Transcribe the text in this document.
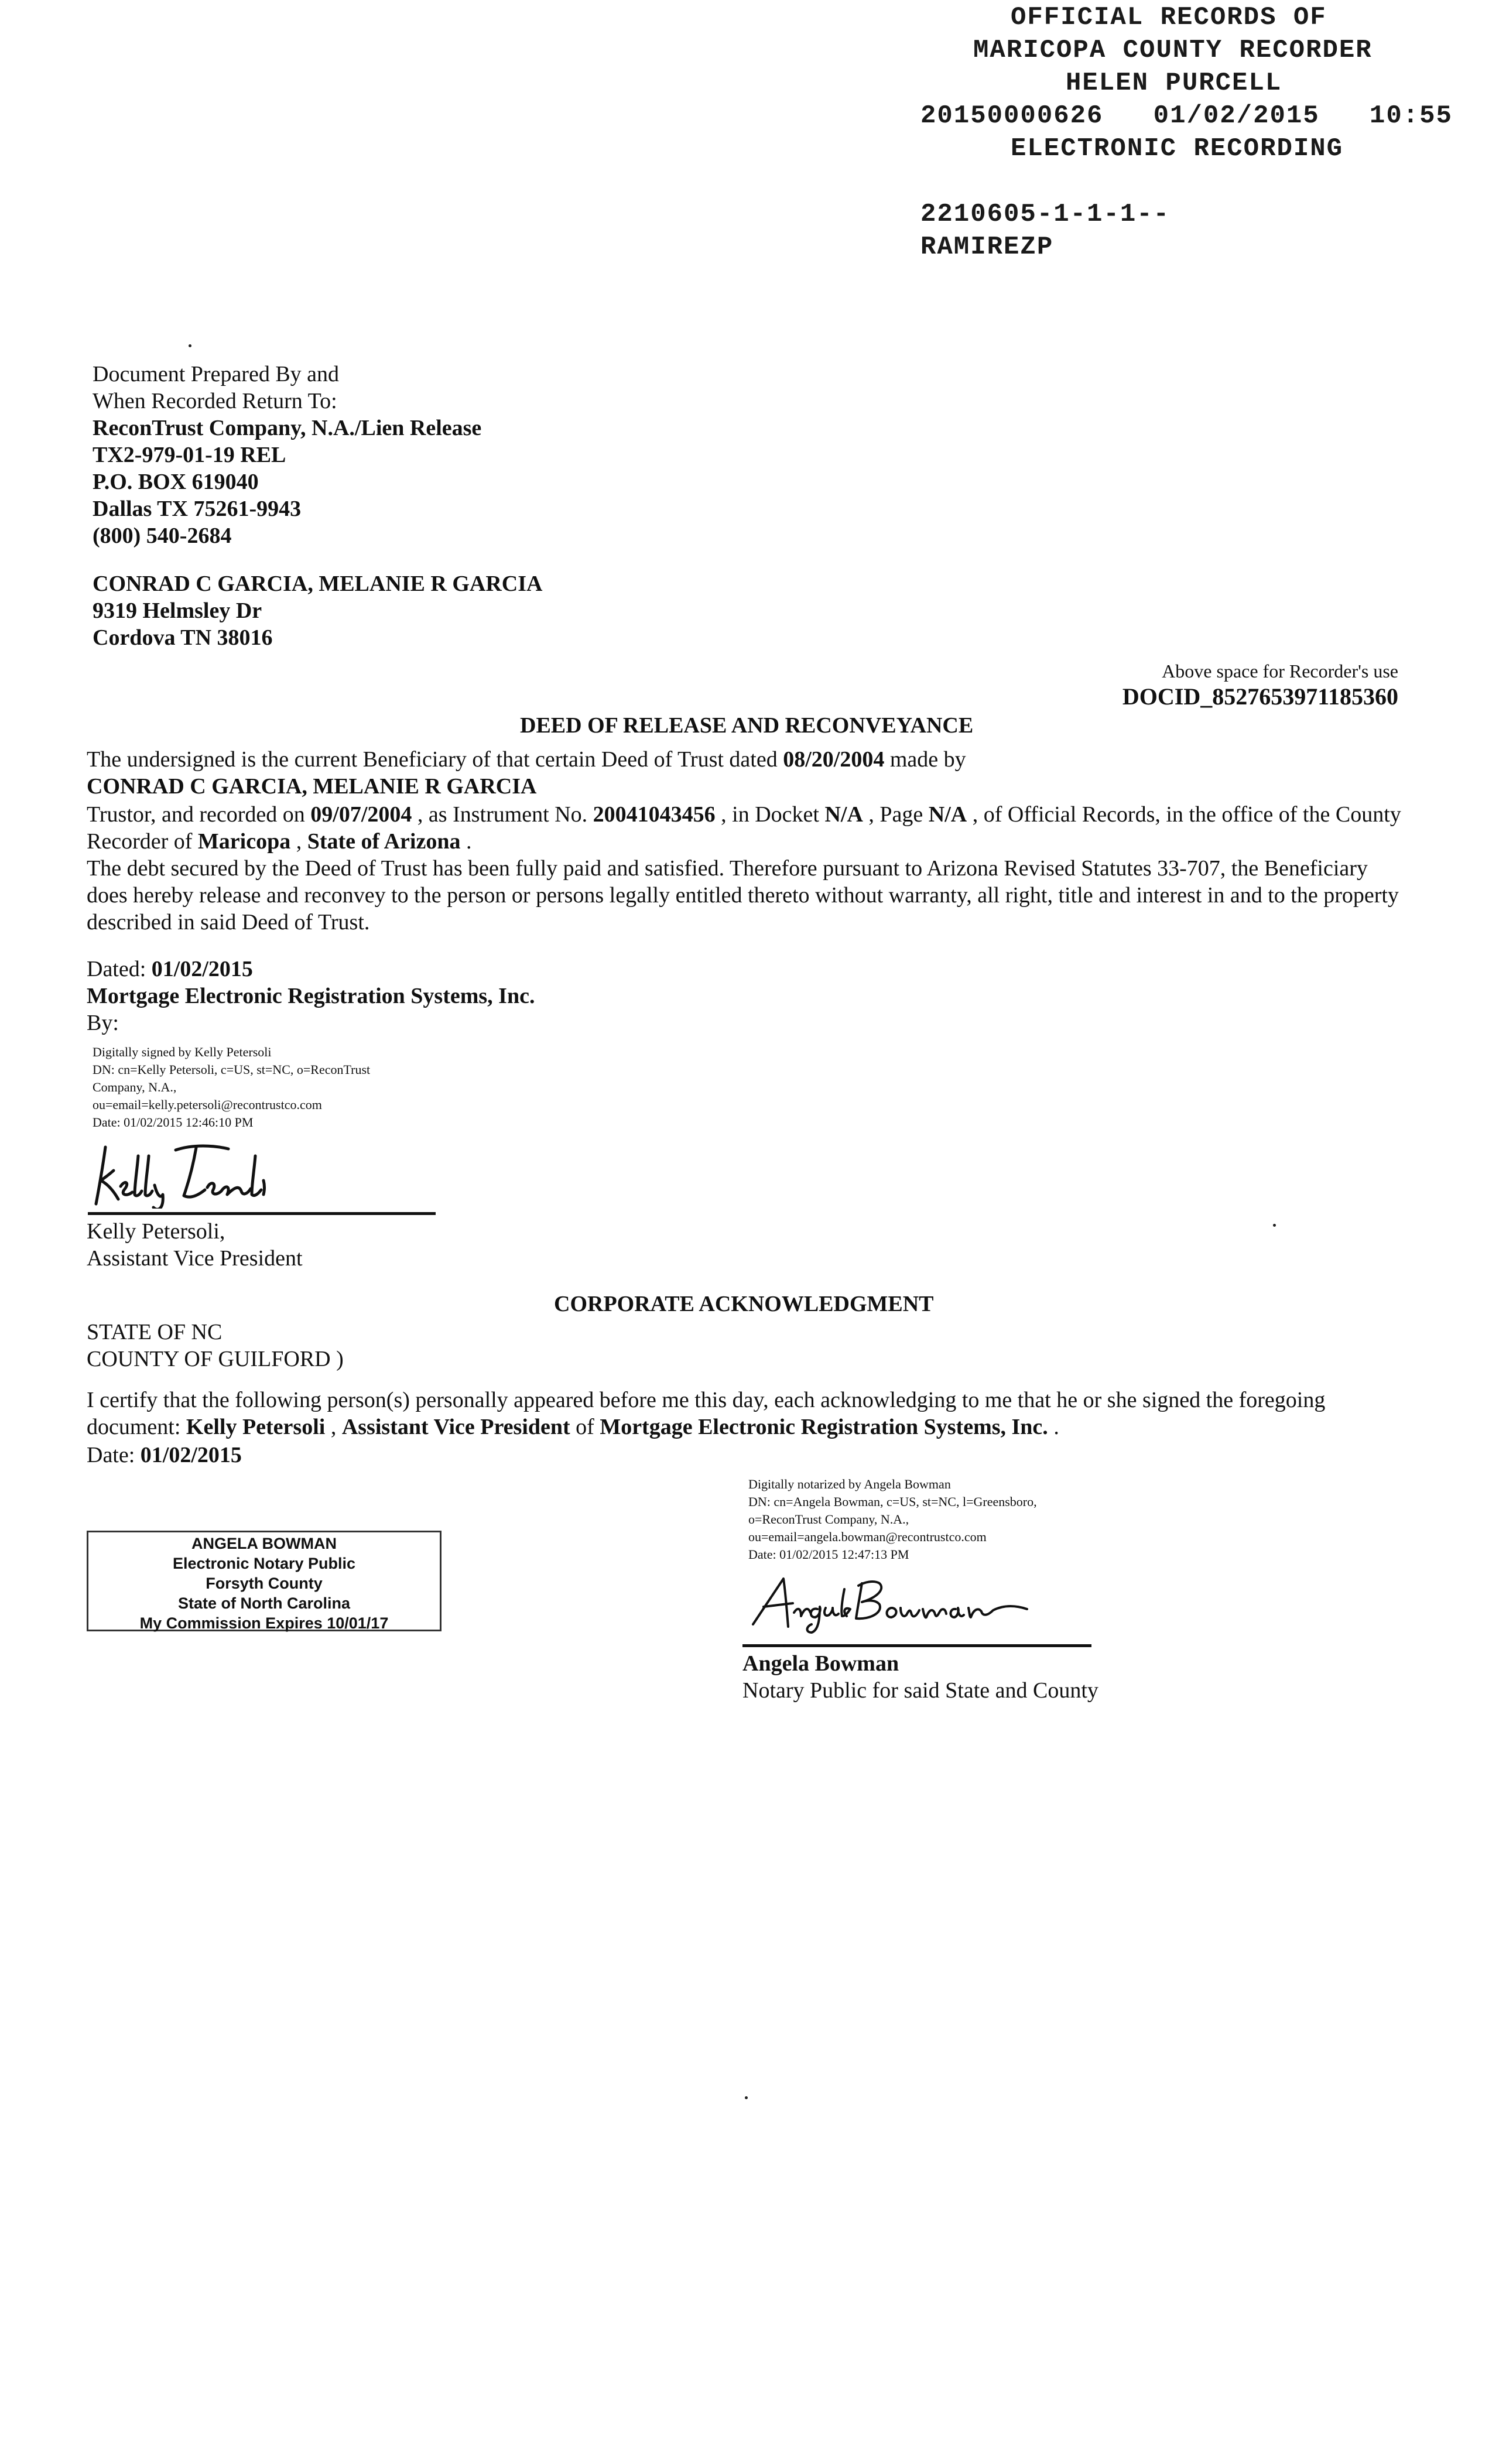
OFFICIAL RECORDS OF
MARICOPA COUNTY RECORDER
HELEN PURCELL
20150000626   01/02/2015   10:55
ELECTRONIC RECORDING
2210605-1-1-1--
RAMIREZP
Document Prepared By and
When Recorded Return To:
ReconTrust Company, N.A./Lien Release
TX2-979-01-19 REL
P.O. BOX 619040
Dallas TX 75261-9943
(800) 540-2684
CONRAD C GARCIA, MELANIE R GARCIA
9319 Helmsley Dr
Cordova TN 38016
Above space for Recorder's use
DOCID_8527653971185360
DEED OF RELEASE AND RECONVEYANCE
The undersigned is the current Beneficiary of that certain Deed of Trust dated 08/20/2004 made by
CONRAD C GARCIA, MELANIE R GARCIA
Trustor, and recorded on 09/07/2004 , as Instrument No. 20041043456 , in Docket N/A , Page N/A , of Official Records, in the office of the County Recorder of Maricopa , State of Arizona .
The debt secured by the Deed of Trust has been fully paid and satisfied. Therefore pursuant to Arizona Revised Statutes 33-707, the Beneficiary does hereby release and reconvey to the person or persons legally entitled thereto without warranty, all right, title and interest in and to the property described in said Deed of Trust.
Dated: 01/02/2015
Mortgage Electronic Registration Systems, Inc.
By:
Digitally signed by Kelly Petersoli
DN: cn=Kelly Petersoli, c=US, st=NC, o=ReconTrust
Company, N.A.,
ou=email=kelly.petersoli@recontrustco.com
Date: 01/02/2015 12:46:10 PM
Kelly Petersoli,
Assistant Vice President
CORPORATE ACKNOWLEDGMENT
STATE OF NC
COUNTY OF GUILFORD )
I certify that the following person(s) personally appeared before me this day, each acknowledging to me that he or she signed the foregoing document: Kelly Petersoli , Assistant Vice President of Mortgage Electronic Registration Systems, Inc. .
Date: 01/02/2015
ANGELA BOWMAN
Electronic Notary Public
Forsyth County
State of North Carolina
My Commission Expires 10/01/17
Digitally notarized by Angela Bowman
DN: cn=Angela Bowman, c=US, st=NC, l=Greensboro,
o=ReconTrust Company, N.A.,
ou=email=angela.bowman@recontrustco.com
Date: 01/02/2015 12:47:13 PM
Angela Bowman
Notary Public for said State and County
